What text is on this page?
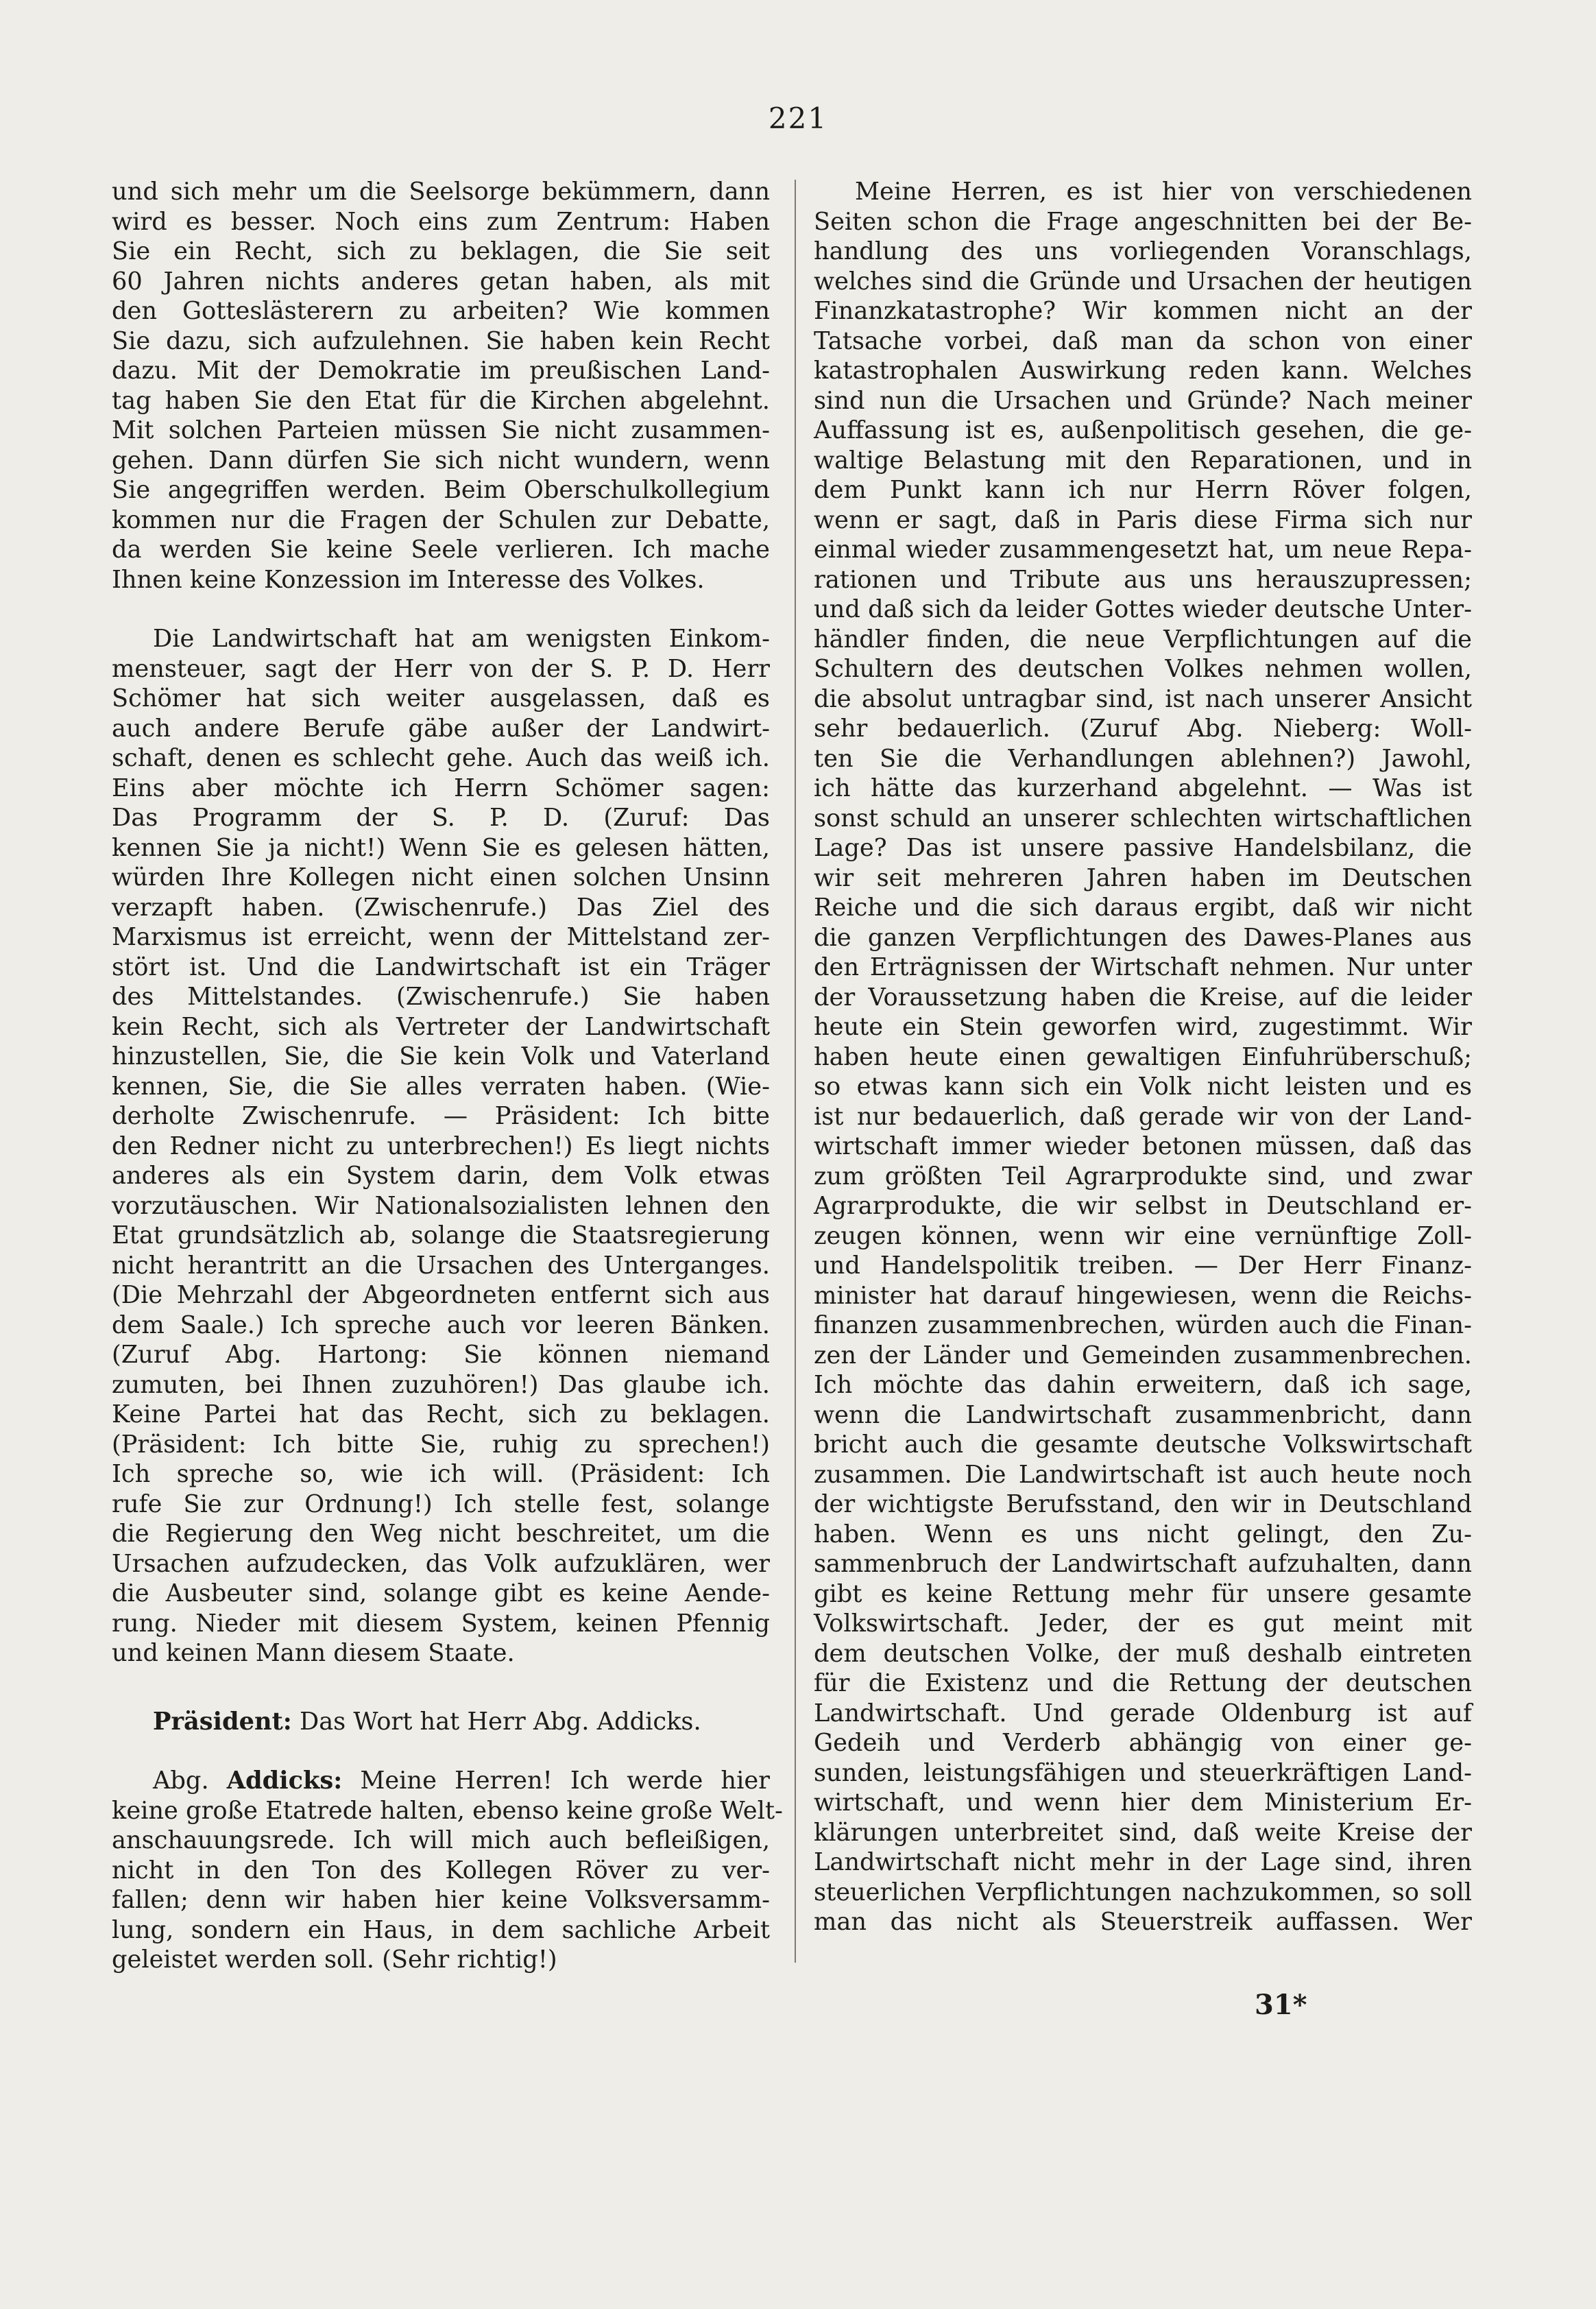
221
und sich mehr um die Seelsorge bekümmern, dann
wird es besser. Noch eins zum Zentrum: Haben
Sie ein Recht, sich zu beklagen, die Sie seit
60 Jahren nichts anderes getan haben, als mit
den Gotteslästerern zu arbeiten? Wie kommen
Sie dazu, sich aufzulehnen. Sie haben kein Recht
dazu. Mit der Demokratie im preußischen Land-
tag haben Sie den Etat für die Kirchen abgelehnt.
Mit solchen Parteien müssen Sie nicht zusammen-
gehen. Dann dürfen Sie sich nicht wundern, wenn
Sie angegriffen werden. Beim Oberschulkollegium
kommen nur die Fragen der Schulen zur Debatte,
da werden Sie keine Seele verlieren. Ich mache
Ihnen keine Konzession im Interesse des Volkes.
Die Landwirtschaft hat am wenigsten Einkom-
mensteuer, sagt der Herr von der S. P. D. Herr
Schömer hat sich weiter ausgelassen, daß es
auch andere Berufe gäbe außer der Landwirt-
schaft, denen es schlecht gehe. Auch das weiß ich.
Eins aber möchte ich Herrn Schömer sagen:
Das Programm der S. P. D. (Zuruf: Das
kennen Sie ja nicht!) Wenn Sie es gelesen hätten,
würden Ihre Kollegen nicht einen solchen Unsinn
verzapft haben. (Zwischenrufe.) Das Ziel des
Marxismus ist erreicht, wenn der Mittelstand zer-
stört ist. Und die Landwirtschaft ist ein Träger
des Mittelstandes. (Zwischenrufe.) Sie haben
kein Recht, sich als Vertreter der Landwirtschaft
hinzustellen, Sie, die Sie kein Volk und Vaterland
kennen, Sie, die Sie alles verraten haben. (Wie-
derholte Zwischenrufe. — Präsident: Ich bitte
den Redner nicht zu unterbrechen!) Es liegt nichts
anderes als ein System darin, dem Volk etwas
vorzutäuschen. Wir Nationalsozialisten lehnen den
Etat grundsätzlich ab, solange die Staatsregierung
nicht herantritt an die Ursachen des Unterganges.
(Die Mehrzahl der Abgeordneten entfernt sich aus
dem Saale.) Ich spreche auch vor leeren Bänken.
(Zuruf Abg. Hartong: Sie können niemand
zumuten, bei Ihnen zuzuhören!) Das glaube ich.
Keine Partei hat das Recht, sich zu beklagen.
(Präsident: Ich bitte Sie, ruhig zu sprechen!)
Ich spreche so, wie ich will. (Präsident: Ich
rufe Sie zur Ordnung!) Ich stelle fest, solange
die Regierung den Weg nicht beschreitet, um die
Ursachen aufzudecken, das Volk aufzuklären, wer
die Ausbeuter sind, solange gibt es keine Aende-
rung. Nieder mit diesem System, keinen Pfennig
und keinen Mann diesem Staate.
Präsident: Das Wort hat Herr Abg. Addicks.
Abg. Addicks: Meine Herren! Ich werde hier
keine große Etatrede halten, ebenso keine große Welt-
anschauungsrede. Ich will mich auch befleißigen,
nicht in den Ton des Kollegen Röver zu ver-
fallen; denn wir haben hier keine Volksversamm-
lung, sondern ein Haus, in dem sachliche Arbeit
geleistet werden soll. (Sehr richtig!)
Meine Herren, es ist hier von verschiedenen
Seiten schon die Frage angeschnitten bei der Be-
handlung des uns vorliegenden Voranschlags,
welches sind die Gründe und Ursachen der heutigen
Finanzkatastrophe? Wir kommen nicht an der
Tatsache vorbei, daß man da schon von einer
katastrophalen Auswirkung reden kann. Welches
sind nun die Ursachen und Gründe? Nach meiner
Auffassung ist es, außenpolitisch gesehen, die ge-
waltige Belastung mit den Reparationen, und in
dem Punkt kann ich nur Herrn Röver folgen,
wenn er sagt, daß in Paris diese Firma sich nur
einmal wieder zusammengesetzt hat, um neue Repa-
rationen und Tribute aus uns herauszupressen;
und daß sich da leider Gottes wieder deutsche Unter-
händler finden, die neue Verpflichtungen auf die
Schultern des deutschen Volkes nehmen wollen,
die absolut untragbar sind, ist nach unserer Ansicht
sehr bedauerlich. (Zuruf Abg. Nieberg: Woll-
ten Sie die Verhandlungen ablehnen?) Jawohl,
ich hätte das kurzerhand abgelehnt. — Was ist
sonst schuld an unserer schlechten wirtschaftlichen
Lage? Das ist unsere passive Handelsbilanz, die
wir seit mehreren Jahren haben im Deutschen
Reiche und die sich daraus ergibt, daß wir nicht
die ganzen Verpflichtungen des Dawes-Planes aus
den Erträgnissen der Wirtschaft nehmen. Nur unter
der Voraussetzung haben die Kreise, auf die leider
heute ein Stein geworfen wird, zugestimmt. Wir
haben heute einen gewaltigen Einfuhrüberschuß;
so etwas kann sich ein Volk nicht leisten und es
ist nur bedauerlich, daß gerade wir von der Land-
wirtschaft immer wieder betonen müssen, daß das
zum größten Teil Agrarprodukte sind, und zwar
Agrarprodukte, die wir selbst in Deutschland er-
zeugen können, wenn wir eine vernünftige Zoll-
und Handelspolitik treiben. — Der Herr Finanz-
minister hat darauf hingewiesen, wenn die Reichs-
finanzen zusammenbrechen, würden auch die Finan-
zen der Länder und Gemeinden zusammenbrechen.
Ich möchte das dahin erweitern, daß ich sage,
wenn die Landwirtschaft zusammenbricht, dann
bricht auch die gesamte deutsche Volkswirtschaft
zusammen. Die Landwirtschaft ist auch heute noch
der wichtigste Berufsstand, den wir in Deutschland
haben. Wenn es uns nicht gelingt, den Zu-
sammenbruch der Landwirtschaft aufzuhalten, dann
gibt es keine Rettung mehr für unsere gesamte
Volkswirtschaft. Jeder, der es gut meint mit
dem deutschen Volke, der muß deshalb eintreten
für die Existenz und die Rettung der deutschen
Landwirtschaft. Und gerade Oldenburg ist auf
Gedeih und Verderb abhängig von einer ge-
sunden, leistungsfähigen und steuerkräftigen Land-
wirtschaft, und wenn hier dem Ministerium Er-
klärungen unterbreitet sind, daß weite Kreise der
Landwirtschaft nicht mehr in der Lage sind, ihren
steuerlichen Verpflichtungen nachzukommen, so soll
man das nicht als Steuerstreik auffassen. Wer
31*
